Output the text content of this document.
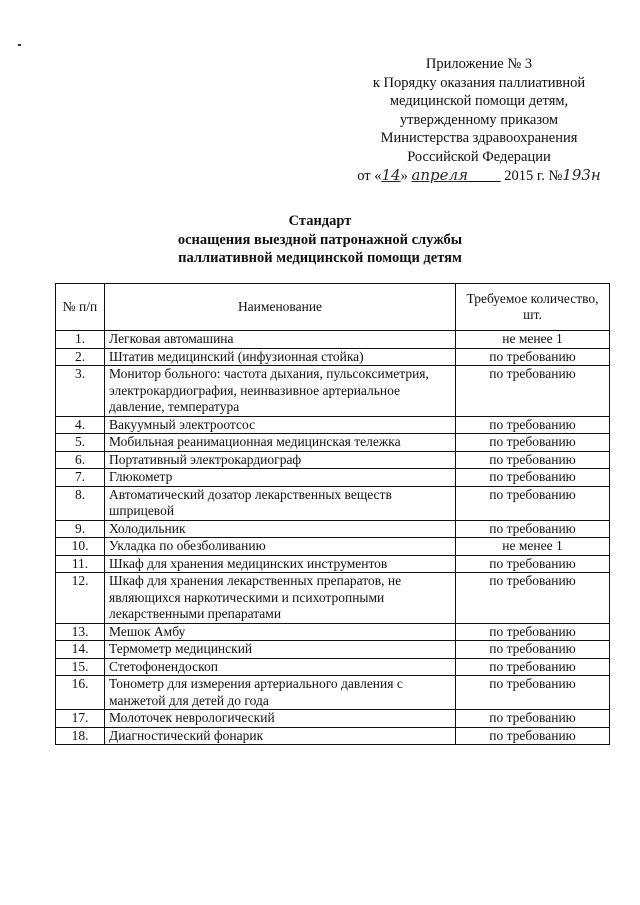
Приложение № 3
к Порядку оказания паллиативной
медицинской помощи детям,
утвержденному приказом
Министерства здравоохранения
Российской Федерации
от «14» апреля	2015 г. №193н
Стандарт
оснащения выездной патронажной службы
паллиативной медицинской помощи детям
№ п/п	Наименование	Требуемое количество, шт.
1.	Легковая автомашина	не менее 1
2.	Штатив медицинский (инфузионная стойка)	по требованию
3.	Монитор больного: частота дыхания, пульсоксиметрия, электрокардиография, неинвазивное артериальное давление, температура	по требованию
4.	Вакуумный электроотсос	по требованию
5.	Мобильная реанимационная медицинская тележка	по требованию
6.	Портативный электрокардиограф	по требованию
7.	Глюкометр	по требованию
8.	Автоматический дозатор лекарственных веществ шприцевой	по требованию
9.	Холодильник	по требованию
10.	Укладка по обезболиванию	не менее 1
11.	Шкаф для хранения медицинских инструментов	по требованию
12.	Шкаф для хранения лекарственных препаратов, не являющихся наркотическими и психотропными лекарственными препаратами	по требованию
13.	Мешок Амбу	по требованию
14.	Термометр медицинский	по требованию
15.	Стетофонендоскоп	по требованию
16.	Тонометр для измерения артериального давления с манжетой для детей до года	по требованию
17.	Молоточек неврологический	по требованию
18.	Диагностический фонарик	по требованию
